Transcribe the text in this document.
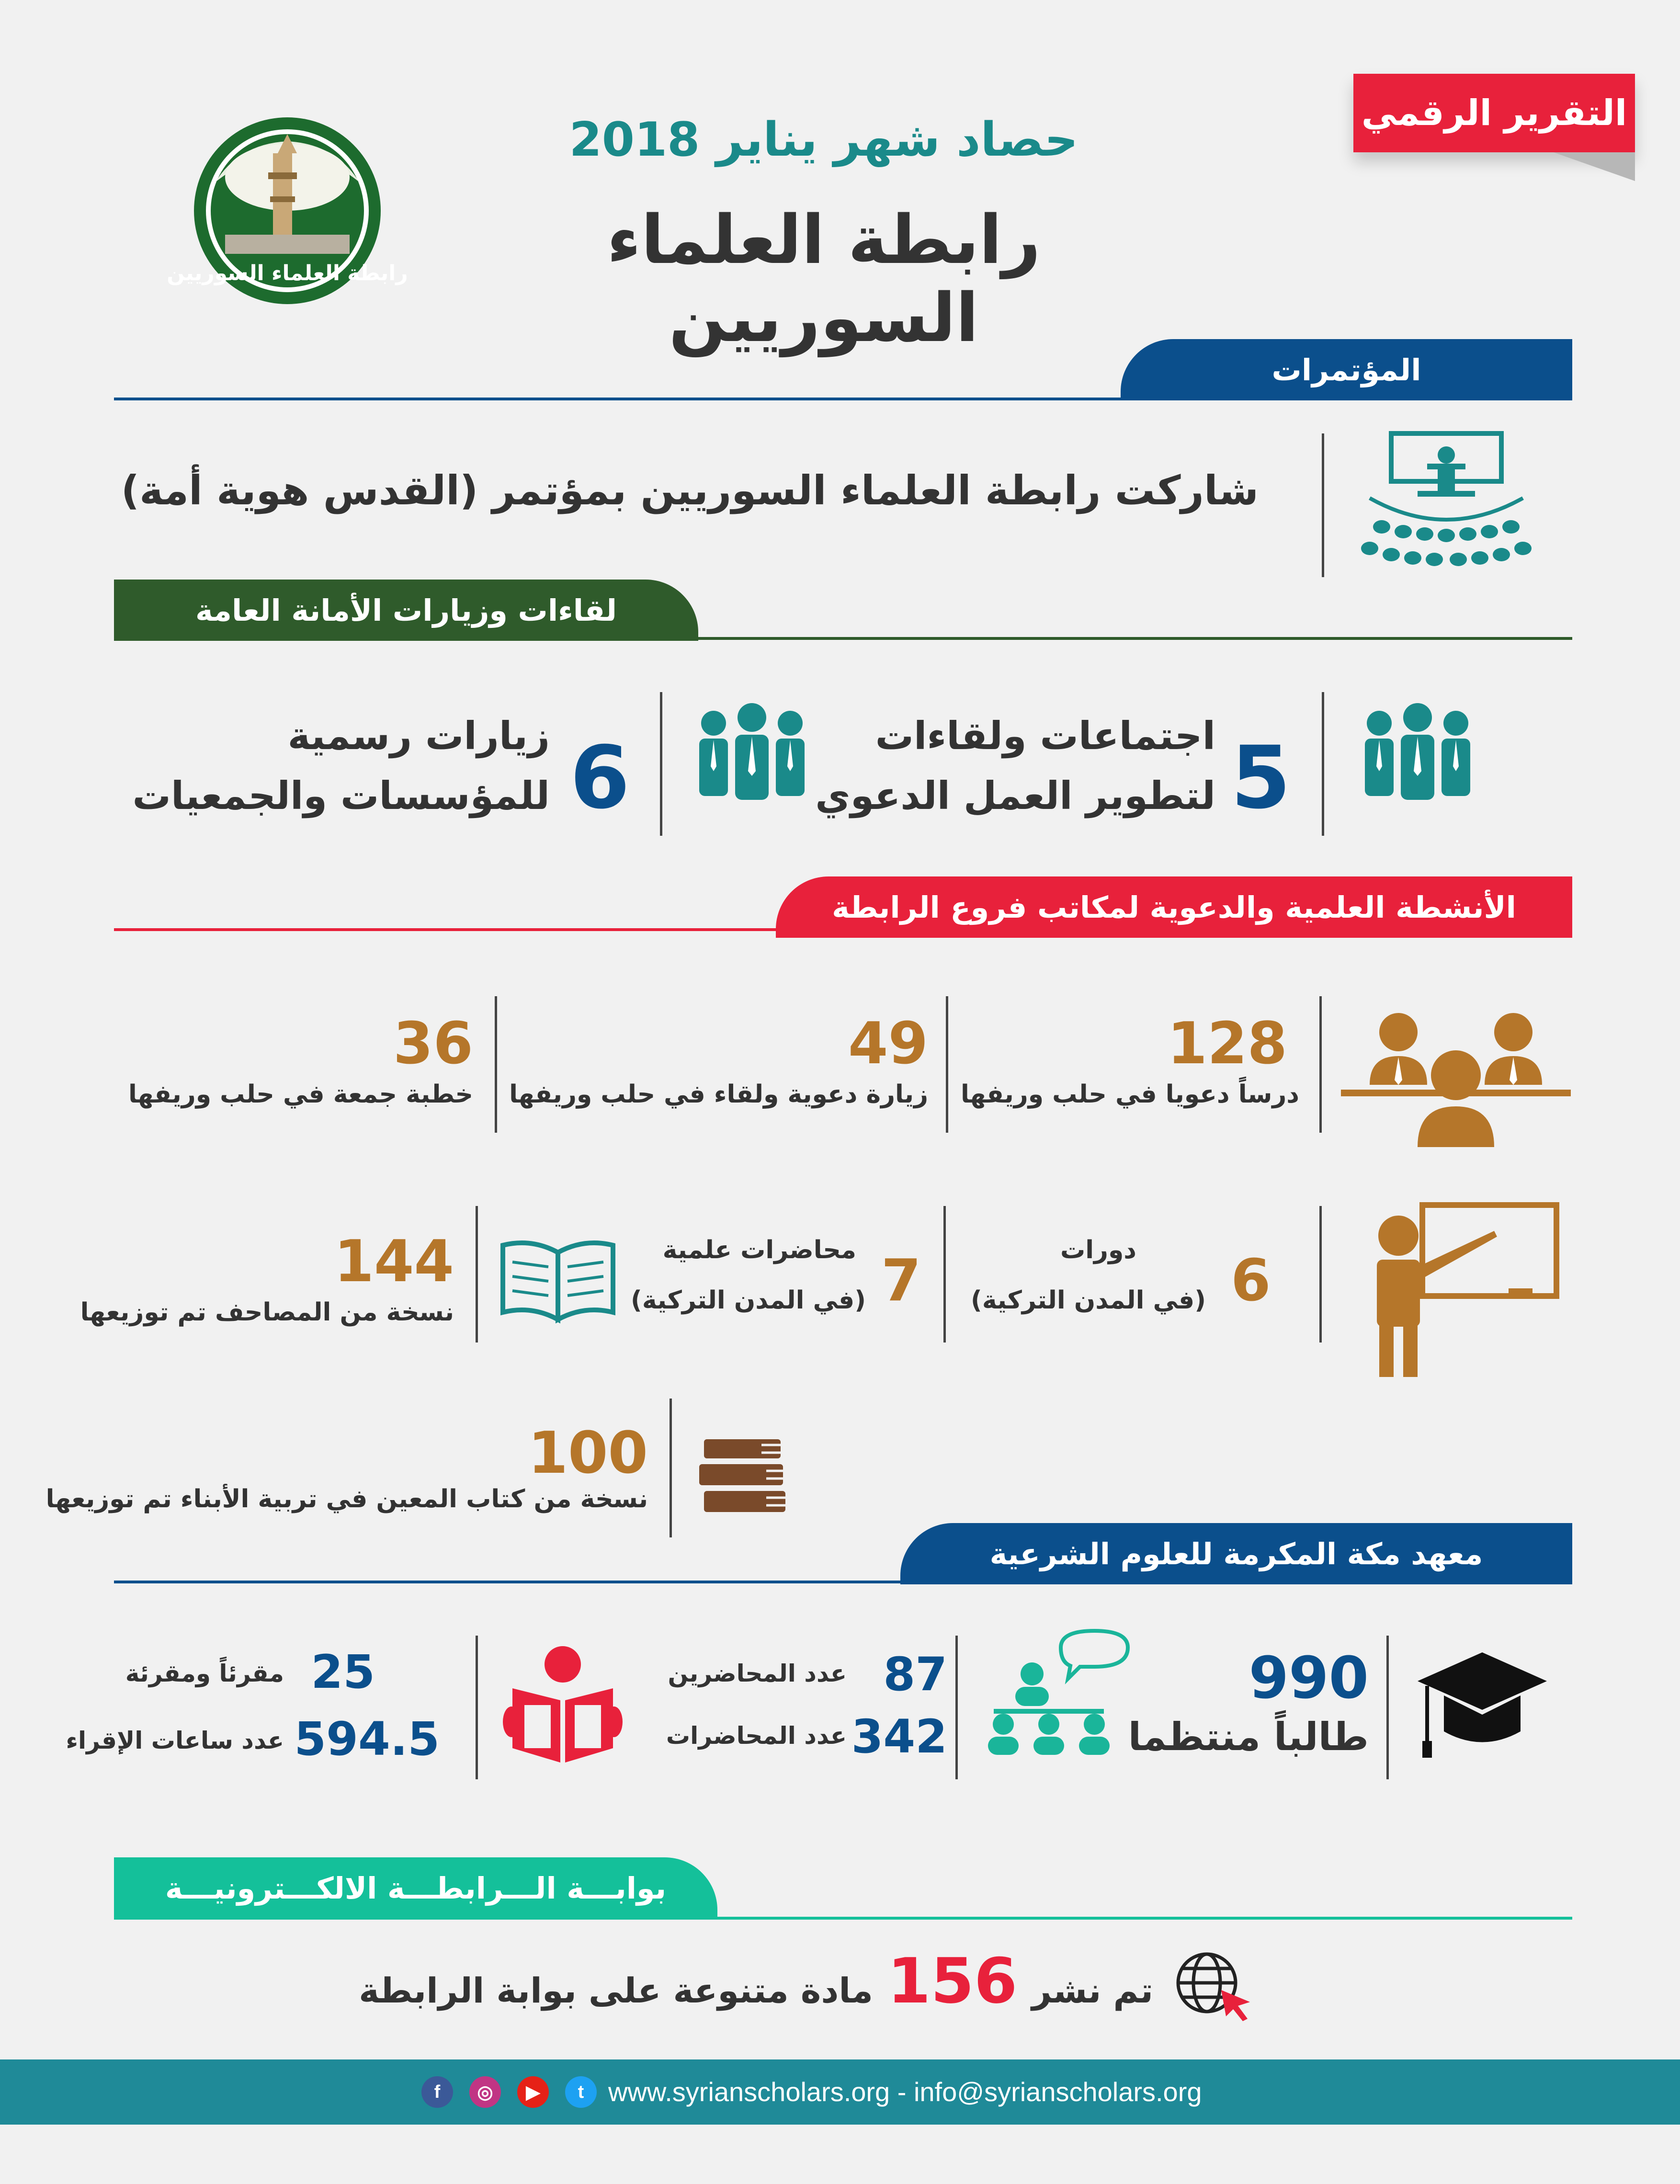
التقرير الرقمي
رابطة العلماء السوريين
حصاد شهر يناير 2018
رابطة العلماء السوريين
المؤتمرات
شاركت رابطة العلماء السوريين بمؤتمر (القدس هوية أمة)
لقاءات وزيارات الأمانة العامة
5
اجتماعات ولقاءات
لتطوير العمل الدعوي
6
زيارات رسمية
للمؤسسات والجمعيات
الأنشطة العلمية والدعوية لمكاتب فروع الرابطة
128
درساً دعويا في حلب وريفها
49
زيارة دعوية ولقاء في حلب وريفها
36
خطبة جمعة في حلب وريفها
6
دورات
(في المدن التركية)
7
محاضرات علمية
(في المدن التركية)
144
نسخة من المصاحف تم توزيعها
100
نسخة من كتاب المعين في تربية الأبناء تم توزيعها
معهد مكة المكرمة للعلوم الشرعية
990
طالباً منتظما
87
عدد المحاضرين
342
عدد المحاضرات
25
مقرئاً ومقرئة
594.5
عدد ساعات الإقراء
بوابـــة الـــرابطـــة الالكـــترونيـــة
تم نشر
156
مادة متنوعة على بوابة الرابطة
f	◎	▶	t www.syrianscholars.org - info@syrianscholars.org
